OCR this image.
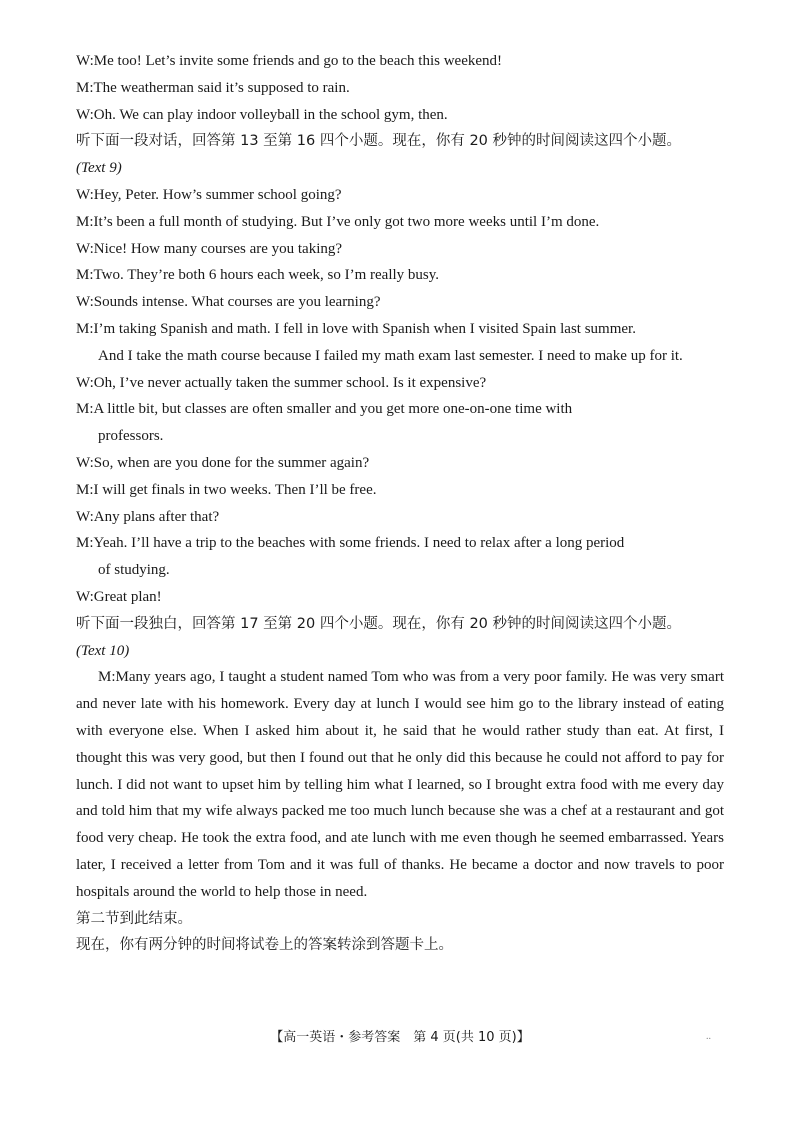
W:Me too! Let’s invite some friends and go to the beach this weekend!
M:The weatherman said it’s supposed to rain.
W:Oh. We can play indoor volleyball in the school gym, then.
听下面一段对话，回答第 13 至第 16 四个小题。现在，你有 20 秒钟的时间阅读这四个小题。
(Text 9)
W:Hey, Peter. How’s summer school going?
M:It’s been a full month of studying. But I’ve only got two more weeks until I’m done.
W:Nice! How many courses are you taking?
M:Two. They’re both 6 hours each week, so I’m really busy.
W:Sounds intense. What courses are you learning?
M:I’m taking Spanish and math. I fell in love with Spanish when I visited Spain last summer.
And I take the math course because I failed my math exam last semester. I need to make up for it.
W:Oh, I’ve never actually taken the summer school. Is it expensive?
M:A little bit, but classes are often smaller and you get more one-on-one time with
professors.
W:So, when are you done for the summer again?
M:I will get finals in two weeks. Then I’ll be free.
W:Any plans after that?
M:Yeah. I’ll have a trip to the beaches with some friends. I need to relax after a long period
of studying.
W:Great plan!
听下面一段独白，回答第 17 至第 20 四个小题。现在，你有 20 秒钟的时间阅读这四个小题。
(Text 10)
M:Many years ago, I taught a student named Tom who was from a very poor family. He was very smart and never late with his homework. Every day at lunch I would see him go to the library instead of eating with everyone else. When I asked him about it, he said that he would rather study than eat. At first, I thought this was very good, but then I found out that he only did this because he could not afford to pay for lunch. I did not want to upset him by telling him what I learned, so I brought extra food with me every day and told him that my wife always packed me too much lunch because she was a chef at a restaurant and got food very cheap. He took the extra food, and ate lunch with me even though he seemed embarrassed. Years later, I received a letter from Tom and it was full of thanks. He became a doctor and now travels to poor hospitals around the world to help those in need.
第二节到此结束。
现在，你有两分钟的时间将试卷上的答案转涂到答题卡上。
【高一英语・参考答案　第 4 页(共 10 页)】	..
